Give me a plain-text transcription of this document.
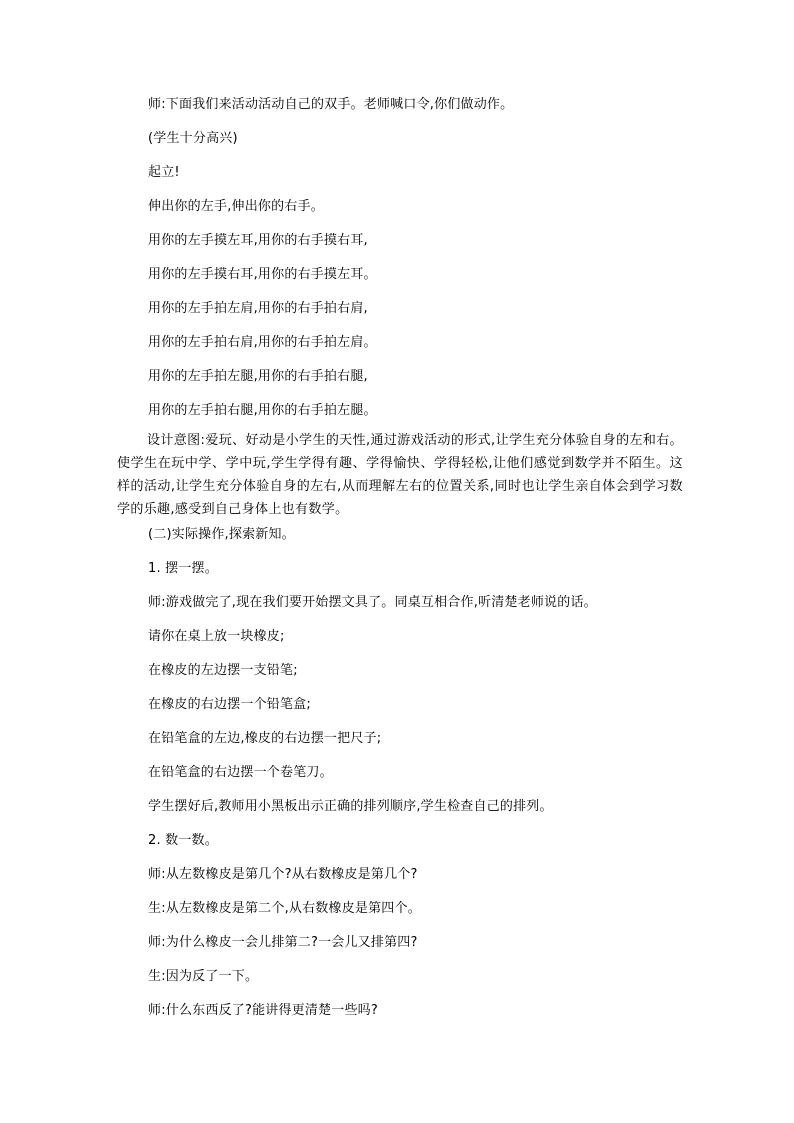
师:下面我们来活动活动自己的双手。老师喊口令,你们做动作。
(学生十分高兴)
起立!
伸出你的左手,伸出你的右手。
用你的左手摸左耳,用你的右手摸右耳,
用你的左手摸右耳,用你的右手摸左耳。
用你的左手拍左肩,用你的右手拍右肩,
用你的左手拍右肩,用你的右手拍左肩。
用你的左手拍左腿,用你的右手拍右腿,
用你的左手拍右腿,用你的右手拍左腿。
设计意图:爱玩、好动是小学生的天性,通过游戏活动的形式,让学生充分体验自身的左和右。使学生在玩中学、学中玩,学生学得有趣、学得愉快、学得轻松,让他们感觉到数学并不陌生。这样的活动,让学生充分体验自身的左右,从而理解左右的位置关系,同时也让学生亲自体会到学习数学的乐趣,感受到自己身体上也有数学。
(二)实际操作,探索新知。
1. 摆一摆。
师:游戏做完了,现在我们要开始摆文具了。同桌互相合作,听清楚老师说的话。
请你在桌上放一块橡皮;
在橡皮的左边摆一支铅笔;
在橡皮的右边摆一个铅笔盒;
在铅笔盒的左边,橡皮的右边摆一把尺子;
在铅笔盒的右边摆一个卷笔刀。
学生摆好后,教师用小黑板出示正确的排列顺序,学生检查自己的排列。
2. 数一数。
师:从左数橡皮是第几个?从右数橡皮是第几个?
生:从左数橡皮是第二个,从右数橡皮是第四个。
师:为什么橡皮一会儿排第二?一会儿又排第四?
生:因为反了一下。
师:什么东西反了?能讲得更清楚一些吗?
